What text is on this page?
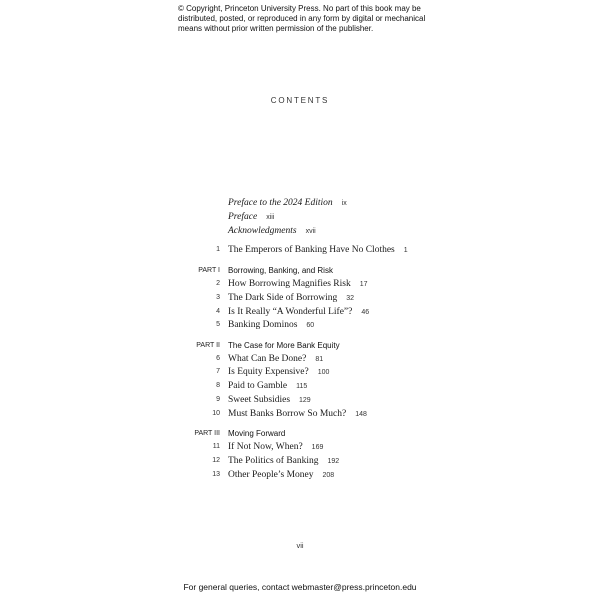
© Copyright, Princeton University Press. No part of this book may be distributed, posted, or reproduced in any form by digital or mechanical means without prior written permission of the publisher.
CONTENTS
Preface to the 2024 Edition ix
Preface xiii
Acknowledgments xvii
1 The Emperors of Banking Have No Clothes 1
PART I Borrowing, Banking, and Risk
2 How Borrowing Magnifies Risk 17
3 The Dark Side of Borrowing 32
4 Is It Really “A Wonderful Life”? 46
5 Banking Dominos 60
PART II The Case for More Bank Equity
6 What Can Be Done? 81
7 Is Equity Expensive? 100
8 Paid to Gamble 115
9 Sweet Subsidies 129
10 Must Banks Borrow So Much? 148
PART III Moving Forward
11 If Not Now, When? 169
12 The Politics of Banking 192
13 Other People’s Money 208
vii
For general queries, contact webmaster@press.princeton.edu
